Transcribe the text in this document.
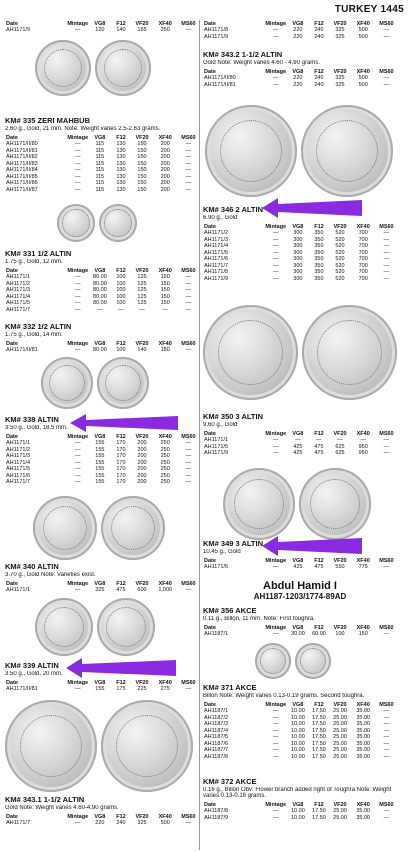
TURKEY 1445
Date	Mintage	VG8	F12	VF20	XF40	MS60
AH1171/9	—	120	140	165	250	—
KM# 335 ZERI MAHBUB
2.60 g., Gold, 21 mm. Note: Weight varies 2.5-2.63 grams.
Date	Mintage	VG8	F12	VF20	XF40	MS60
AH1171/II/80	—	115	130	150	200	—
AH1171/II/81	—	115	130	150	200	—
AH1171/II/82	—	115	130	150	200	—
AH1171/II/83	—	115	130	150	200	—
AH1171/II/84	—	115	130	150	200	—
AH1171/II/85	—	115	130	150	200	—
AH1171/II/86	—	115	130	150	200	—
AH1171/II/87	—	115	130	150	200	—
KM# 331 1/2 ALTIN
1.75 g., Gold, 12 mm.
Date	Mintage	VG8	F12	VF20	XF40	MS60
AH1171/1	—	80.00	100	125	150	—
AH1171/2	—	80.00	100	125	150	—
AH1171/3	—	80.00	100	125	150	—
AH1171/4	—	80.00	100	125	150	—
AH1171/5	—	80.00	100	125	150	—
AH1171/7	—	—	—	—	—	—
KM# 332 1/2 ALTIN
1.75 g., Gold, 14 mm.
Date	Mintage	VG8	F12	VF20	XF40	MS60
AH1171/II/81	—	80.00	100	140	180	—
KM# 338 ALTIN
3.50 g., Gold, 18.5 mm.
Date	Mintage	VG8	F12	VF20	XF40	MS60
AH1171/1	—	155	170	200	250	—
AH1171/2	—	155	170	200	250	—
AH1171/3	—	155	170	200	250	—
AH1171/4	—	155	170	200	250	—
AH1171/5	—	155	170	200	250	—
AH1171/6	—	155	170	200	250	—
AH1171/7	—	155	170	200	250	—
KM# 340 ALTIN
3.70 g., Gold Note: Varieties exist.
Date	Mintage	VG8	F12	VF20	XF40	MS60
AH1171/1	—	325	475	600	1,000	—
KM# 339 ALTIN
3.50 g., Gold, 20 mm.
Date	Mintage	VG8	F12	VF20	XF40	MS60
AH1171/II/81	—	155	175	225	275	—
KM# 343.1 1-1/2 ALTIN
Gold Note: Weight varies 4.60-4.90 grams.
Date	Mintage	VG8	F12	VF20	XF40	MS60
AH1171/7	—	220	240	325	500	—
Date	Mintage	VG8	F12	VF20	XF40	MS60
AH1171/8	—	220	240	325	500	—
AH1171/9	—	220	240	325	500	—
KM# 343.2 1-1/2 ALTIN
Gold Note: Weight varies 4.60 - 4.90 grams.
Date	Mintage	VG8	F12	VF20	XF40	MS60
AH1171/II/80	—	220	240	325	500	—
AH1171/II/81	—	220	240	325	500	—
KM# 346 2 ALTIN
6.90 g., Gold
Date	Mintage	VG8	F12	VF20	XF40	MS60
AH1171/2	—	300	350	520	700	—
AH1171/3	—	300	350	520	700	—
AH1171/4	—	300	350	520	700	—
AH1171/5	—	300	350	520	700	—
AH1171/6	—	300	350	520	700	—
AH1171/7	—	300	350	520	700	—
AH1171/8	—	300	350	520	700	—
AH1171/9	—	300	350	520	700	—
KM# 350 3 ALTIN
9.60 g., Gold
Date	Mintage	VG8	F12	VF20	XF40	MS60
AH1171/1	—	—	—	—	—	—
AH1171/5	—	425	475	625	950	—
AH1171/9	—	425	475	625	950	—
KM# 349 3 ALTIN
10.45 g., Gold
Date	Mintage	VG8	F12	VF20	XF40	MS60
AH1171/5	—	425	475	550	775	—
Abdul Hamid I
AH1187-1203/1774-89AD
KM# 356 AKCE
0.11 g., Billon, 11 mm. Note: First toughra.
Date	Mintage	VG8	F12	VF20	XF40	MS60
AH1187/1	—	30.00	60.00	100	150	—
KM# 371 AKCE
Billon Note: Weight varies 0.13-0.19 grams. Second toughra.
Date	Mintage	VG8	F12	VF20	XF40	MS60
AH1187/1	—	10.00	17.50	25.00	35.00	—
AH1187/2	—	10.00	17.50	25.00	35.00	—
AH1187/3	—	10.00	17.50	25.00	35.00	—
AH1187/4	—	10.00	17.50	25.00	35.00	—
AH1187/5	—	10.00	17.50	25.00	35.00	—
AH1187/6	—	10.00	17.50	25.00	35.00	—
AH1187/7	—	10.00	17.50	25.00	35.00	—
AH1187/8	—	10.00	17.50	25.00	35.00	—
KM# 372 AKCE
0.16 g., Billon Obv: Flower branch added right of Toughra Note: Weight varies 0.13-0.16 grams.
Date	Mintage	VG8	F12	VF20	XF40	MS60
AH1187/8	—	10.00	17.50	25.00	35.00	—
AH1187/9	—	10.00	17.50	25.00	35.00	—
